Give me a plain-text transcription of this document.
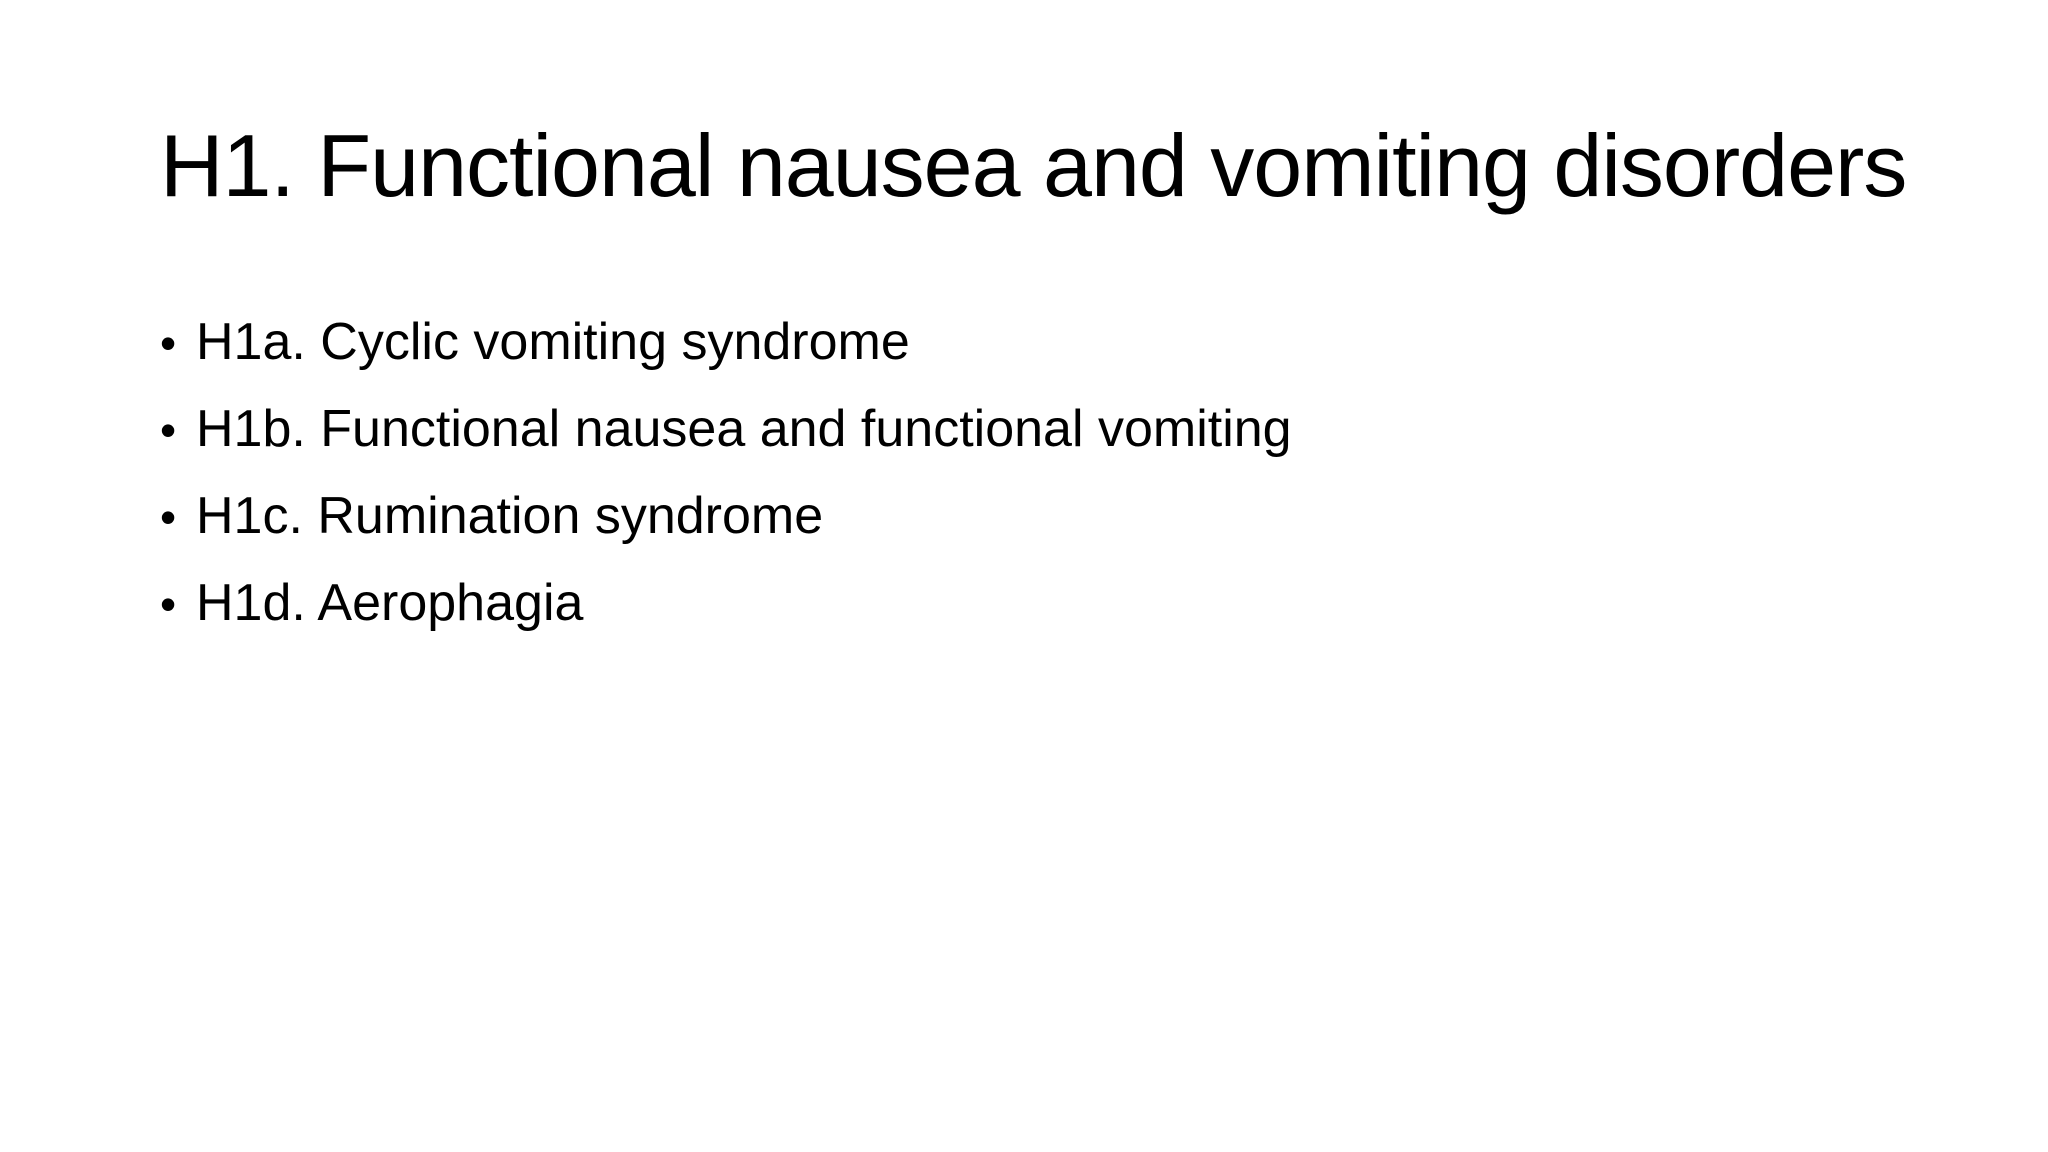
H1. Functional nausea and vomiting disorders
• H1a. Cyclic vomiting syndrome
• H1b. Functional nausea and functional vomiting
• H1c. Rumination syndrome
• H1d. Aerophagia
